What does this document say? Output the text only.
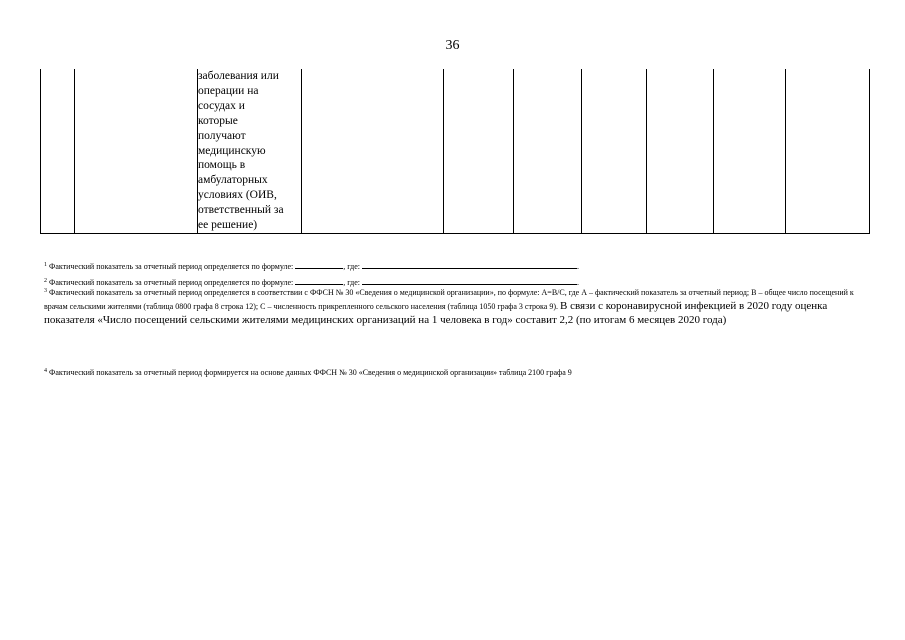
36
		заболевания или
операции на
сосудах и
которые
получают
медицинскую
помощь в
амбулаторных
условиях (ОИВ,
ответственный за
ее решение)							
$^1$ Фактический показатель за отчетный период определяется по формуле:	, где:	.
$^2$ Фактический показатель за отчетный период определяется по формуле:	, где:	.
$^3$ Фактический показатель за отчетный период определяется в соответствии с ФФСН № 30 «Сведения о медицинской организации», по формуле: А=В/С, где А – фактический показатель за отчетный период; В – общее число посещений к врачам сельскими жителями (таблица 0800 графа 8 строка 12); С – численность прикрепленного сельского населения (таблица 1050 графа 3 строка 9). В связи с коронавирусной инфекцией в 2020 году оценка показателя «Число посещений сельскими жителями медицинских организаций на 1 человека в год» составит 2,2 (по итогам 6 месяцев 2020 года)
$^4$ Фактический показатель за отчетный период формируется на основе данных ФФСН № 30 «Сведения о медицинской организации» таблица 2100 графа 9
